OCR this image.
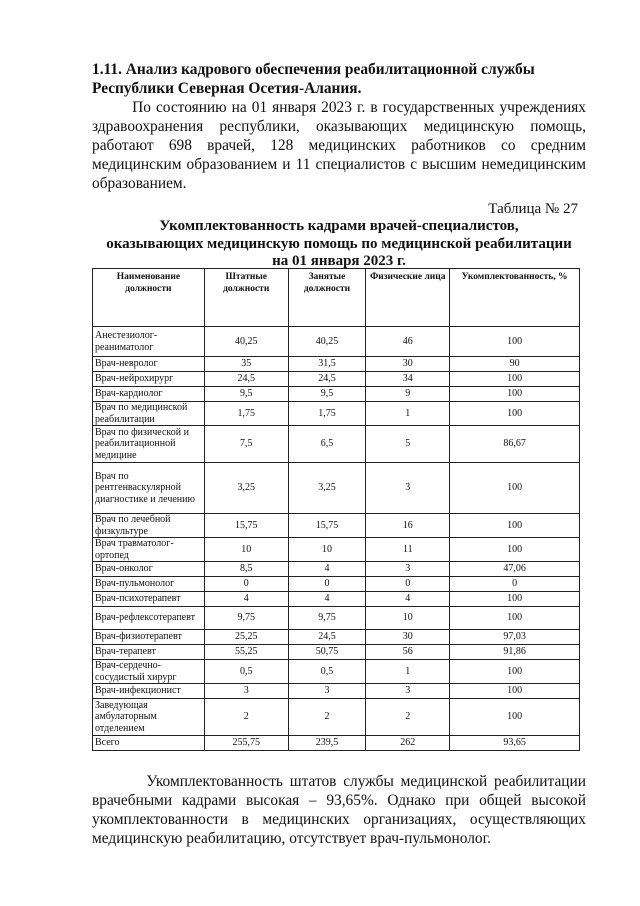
1.11. Анализ кадрового обеспечения реабилитационной службы
Республики Северная Осетия-Алания.
По состоянию на 01 января 2023 г. в государственных учреждениях
здравоохранения республики, оказывающих медицинскую помощь,
работают 698 врачей, 128 медицинских работников со средним
медицинским образованием и 11 специалистов с высшим немедицинским
образованием.
Таблица № 27
Укомплектованность кадрами врачей-специалистов,
оказывающих медицинскую помощь по медицинской реабилитации
на 01 января 2023 г.
Наименование должности	Штатные должности	Занятые должности	Физические лица	Укомплектованность, %
Анестезиолог-реаниматолог	40,25	40,25	46	100
Врач-невролог	35	31,5	30	90
Врач-нейрохирург	24,5	24,5	34	100
Врач-кардиолог	9,5	9,5	9	100
Врач по медицинской реабилитации	1,75	1,75	1	100
Врач по физической и реабилитационной медицине	7,5	6,5	5	86,67
Врач по рентгенваскулярной диагностике и лечению	3,25	3,25	3	100
Врач по лечебной физкультуре	15,75	15,75	16	100
Врач травматолог-ортопед	10	10	11	100
Врач-онколог	8,5	4	3	47,06
Врач-пульмонолог	0	0	0	0
Врач-психотерапевт	4	4	4	100
Врач-рефлексотерапевт	9,75	9,75	10	100
Врач-физиотерапевт	25,25	24,5	30	97,03
Врач-терапевт	55,25	50,75	56	91,86
Врач-сердечно-сосудистый хирург	0,5	0,5	1	100
Врач-инфекционист	3	3	3	100
Заведующая амбулаторным отделением	2	2	2	100
Всего	255,75	239,5	262	93,65
Укомплектованность штатов службы медицинской реабилитации
врачебными кадрами высокая – 93,65%. Однако при общей высокой
укомплектованности в медицинских организациях, осуществляющих
медицинскую реабилитацию, отсутствует врач-пульмонолог.
